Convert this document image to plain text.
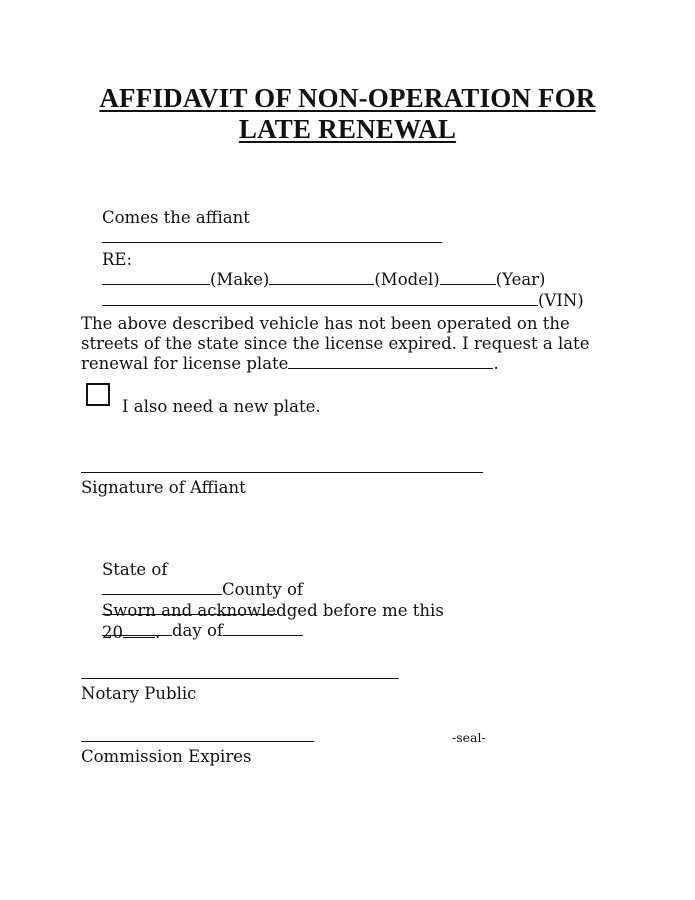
AFFIDAVIT OF NON-OPERATION FOR
LATE RENEWAL

Comes the affiant

RE:
(Make)	(Model)	(Year)

(VIN)

The above described vehicle has not been operated on the streets of the state since the license expired. I request a late renewal for license plate	.
I also need a new plate.
Signature of Affiant

State of
County of

Sworn and acknowledged before me this
day of

20 .

Notary Public
-seal-
Commission Expires
